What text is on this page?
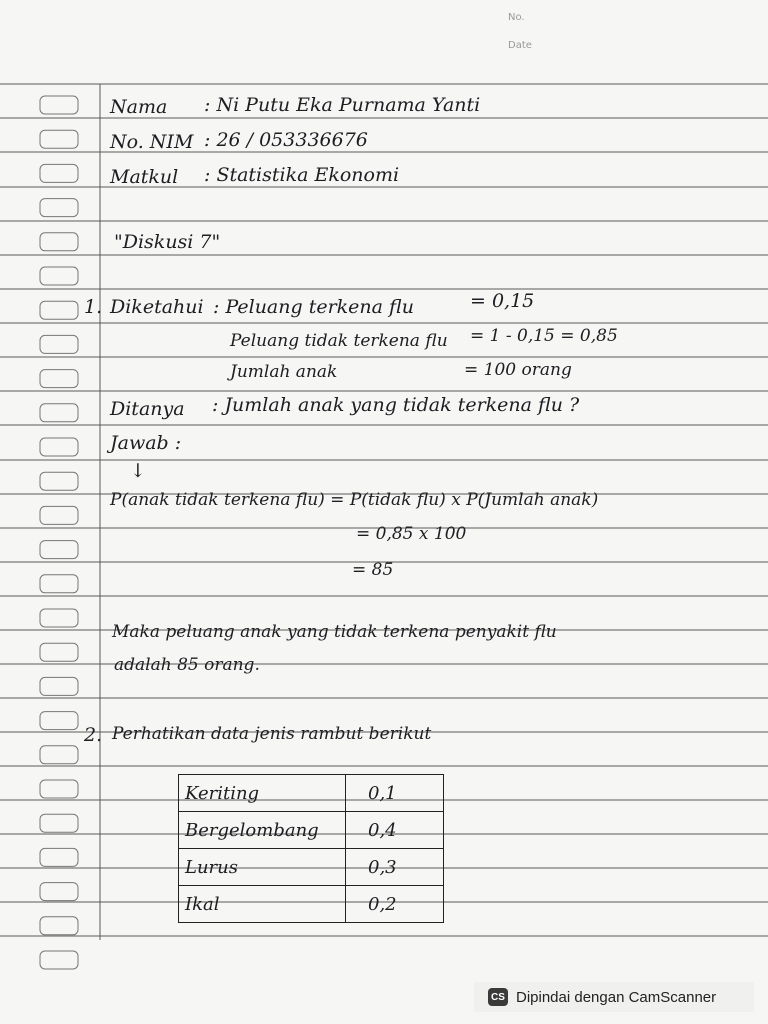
No.
Date
Nama : Ni Putu Eka Purnama Yanti
No. NIM : 26 / 053336676
Matkul : Statistika Ekonomi
"Diskusi 7"
1. Diketahui : Peluang terkena flu	= 0,15
Peluang tidak terkena flu = 1 - 0,15 = 0,85
Jumlah anak	= 100 orang
Ditanya : Jumlah anak yang tidak terkena flu ?
Jawab :
↓
P(anak tidak terkena flu) = P(tidak flu) x P(Jumlah anak)
= 0,85 x 100
= 85
Maka peluang anak yang tidak terkena penyakit flu
adalah 85 orang.
2. Perhatikan data jenis rambut berikut
Keriting	0,1
Bergelombang	0,4
Lurus	0,3
Ikal	0,2
CS Dipindai dengan CamScanner
